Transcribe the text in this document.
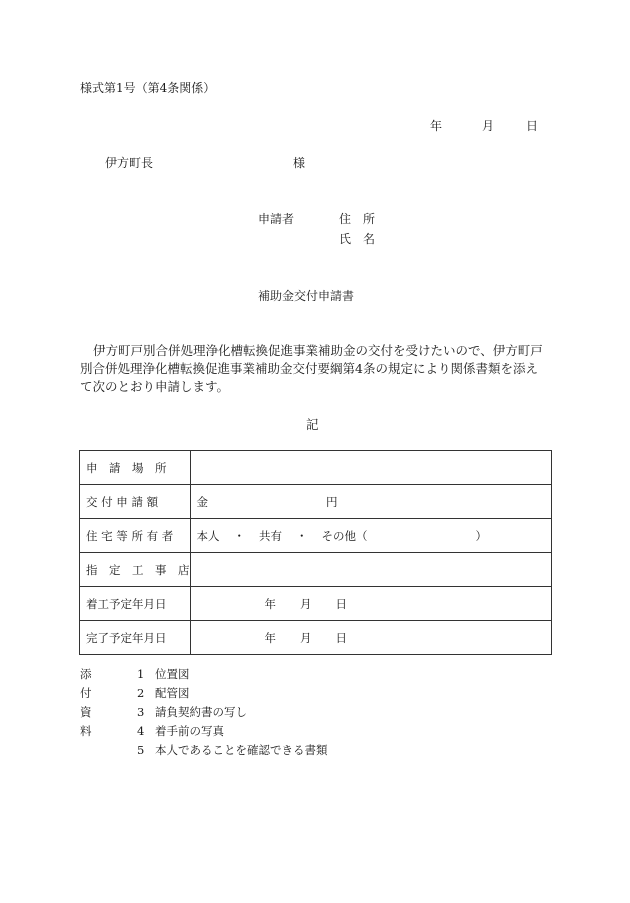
様式第1号（第4条関係）
年	月	日
伊方町長	様
申請者	住　所
氏　名
補助金交付申請書
伊方町戸別合併処理浄化槽転換促進事業補助金の交付を受けたいので、伊方町戸別合併処理浄化槽転換促進事業補助金交付要綱第4条の規定により関係書類を添えて次のとおり申請します。
記
申　請　場　所	
交 付 申 請 額	金 円
住 宅 等 所 有 者	本人 ・ 共有 ・ その他（ ）
指　定　工　事　店	
着工予定年月日	年 月 日
完了予定年月日	年 月 日
添付資料
1 位置図
2 配管図
3 請負契約書の写し
4 着手前の写真
5 本人であることを確認できる書類
